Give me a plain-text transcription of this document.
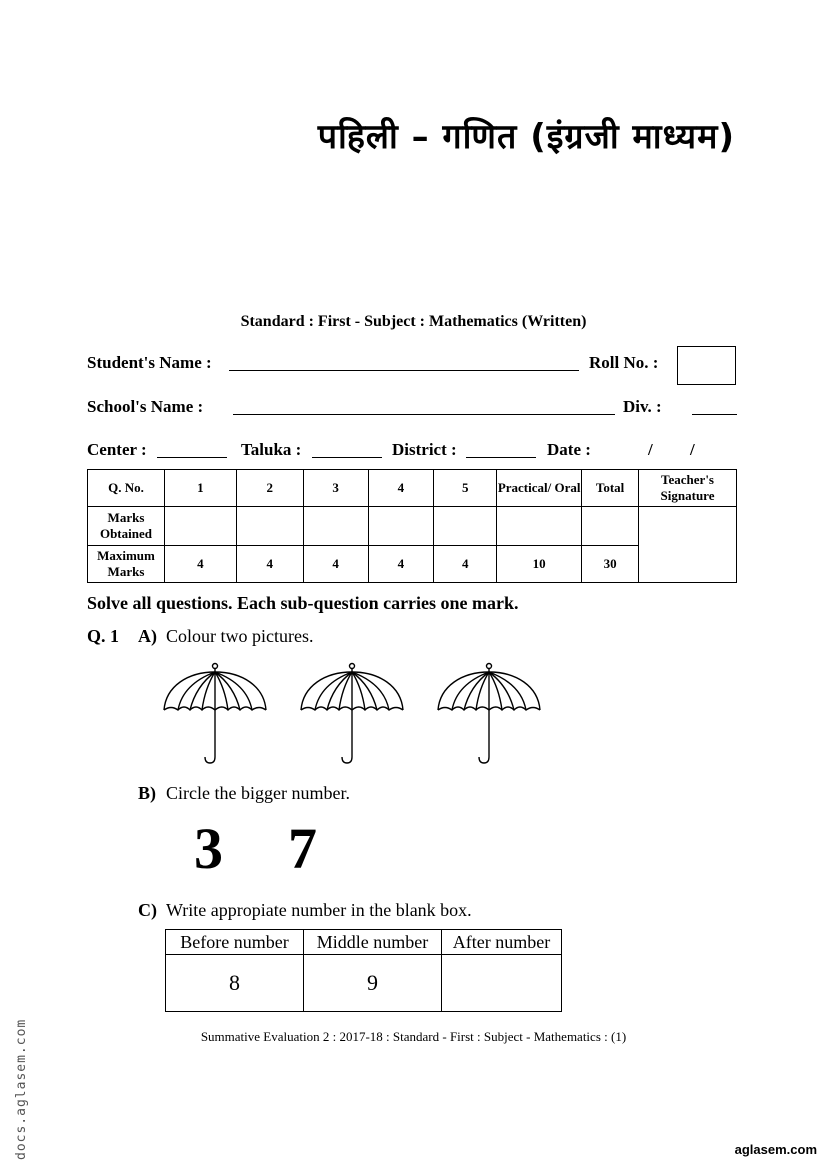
पहिली – गणित (इंग्रजी माध्यम)
Standard : First - Subject : Mathematics (Written)
Student's Name :	Roll No. :
School's Name :	Div. :
Center :	Taluka :	District :	Date :	/ /
Q. No.	1	2	3	4	5	Practical/ Oral	Total	Teacher's Signature
Marks Obtained								
Maximum Marks	4	4	4	4	4	10	30	
Solve all questions. Each sub-question carries one mark.
Q. 1 A) Colour two pictures.
B) Circle the bigger number.
3 7
C) Write appropiate number in the blank box.
Before number	Middle number	After number
8	9	
Summative Evaluation 2 : 2017-18 : Standard - First : Subject - Mathematics : (1)
docs.aglasem.com	aglasem.com
